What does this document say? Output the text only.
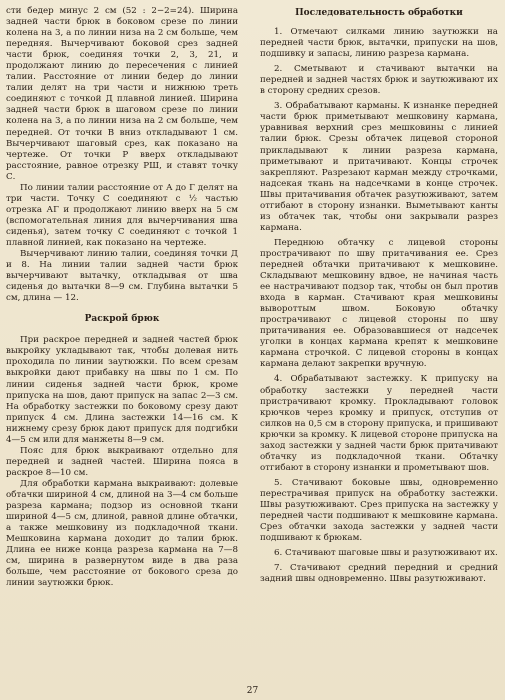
сти бедер минус 2 см (52 : 2−2=24). Ширина задней части брюк в боковом срезе по линии колена на 3, а по линии низа на 2 см больше, чем передняя. Вычерчивают боковой срез задней части брюк, соединяя точки 2, 3, 21, и продолжают линию до пересечения с линией талии. Расстояние от линии бедер до линии талии делят на три части и нижнюю треть соединяют с точкой Д плавной линией. Ширина задней части брюк в шаговом срезе по линии колена на 3, а по линии низа на 2 см больше, чем передней. От точки В вниз откладывают 1 см. Вычерчивают шаговый срез, как показано на чертеже. От точки Р вверх откладывают расстояние, равное отрезку РШ, и ставят точку С.

По линии талии расстояние от А до Г делят на три части. Точку С соединяют с ½ частью отрезка АГ и продолжают линию вверх на 5 см (вспомогательная линия для вычерчивания шва сиденья), затем точку С соединяют с точкой 1 плавной линией, как показано на чертеже.

Вычерчивают линию талии, соединяя точки Д и 8. На линии талии задней части брюк вычерчивают вытачку, откладывая от шва сиденья до вытачки 8—9 см. Глубина вытачки 5 см, длина — 12.

Раскрой брюк

При раскрое передней и задней частей брюк выкройку укладывают так, чтобы долевая нить проходила по линии заутюжки. По всем срезам выкройки дают прибавку на швы по 1 см. По линии сиденья задней части брюк, кроме припуска на шов, дают припуск на запас 2—3 см. На обработку застежки по боковому срезу дают припуск 4 см. Длина застежки 14—16 см. К нижнему срезу брюк дают припуск для подгибки 4—5 см или для манжеты 8—9 см.

Пояс для брюк выкраивают отдельно для передней и задней частей. Ширина пояса в раскрое 8—10 см.

Для обработки кармана выкраивают: долевые обтачки шириной 4 см, длиной на 3—4 см больше разреза кармана; подзор из основной ткани шириной 4—5 см, длиной, равной длине обтачки, а также мешковину из подкладочной ткани. Мешковина кармана доходит до талии брюк. Длина ее ниже конца разреза кармана на 7—8 см, ширина в развернутом виде в два раза больше, чем расстояние от бокового среза до линии заутюжки брюк.

Последовательность обработки

1. Отмечают силками линию заутюжки на передней части брюк, вытачки, припуски на шов, подшивку и запасы, линию разреза кармана.

2. Сметывают и стачивают вытачки на передней и задней частях брюк и заутюживают их в сторону средних срезов.

3. Обрабатывают карманы. К изнанке передней части брюк приметывают мешковину кармана, уравнивая верхний срез мешковины с линией талии брюк. Срезы обтачек лицевой стороной прикладывают к линии разреза кармана, приметывают и притачивают. Концы строчек закрепляют. Разрезают карман между строчками, надсекая ткань на надсечками в конце строчек. Швы притачивания обтачек разутюживают, затем отгибают в сторону изнанки. Выметывают канты из обтачек так, чтобы они закрывали разрез кармана.

Переднюю обтачку с лицевой стороны прострачивают по шву притачивания ее. Срез передней обтачки притачивают к мешковине. Складывают мешковину вдвое, не начиная часть ее настрачивают подзор так, чтобы он был против входа в карман. Стачивают края мешковины вывороттым швом. Боковую обтачку прострачивают с лицевой стороны по шву притачивания ее. Образовавшиеся от надсечек уголки в концах кармана крепят к мешковине карманa строчкой. С лицевой стороны в концах кармана делают закрепки вручную.

4. Обрабатывают застежку. К припуску на обработку застежки у передней части пристрачивают кромку. Прокладывают головок крючков через кромку и припуск, отступив от силков на 0,5 см в сторону припуска, и пришивают крючки за кромку. К лицевой стороне припуска на заход застежки у задней части брюк притачивают обтачку из подкладочной ткани. Обтачку отгибают в сторону изнанки и прометывают шов.

5. Стачивают боковые швы, одновременно перестрачивая припуск на обработку застежки. Швы разутюживают. Срез припуска на застежку у передней части подшивают к мешковине кармана. Срез обтачки захода застежки у задней части подшивают к брюкам.

6. Стачивают шаговые швы и разутюживают их.

7. Стачивают средний передний и средний задний швы одновременно. Швы разутюживают.

27
